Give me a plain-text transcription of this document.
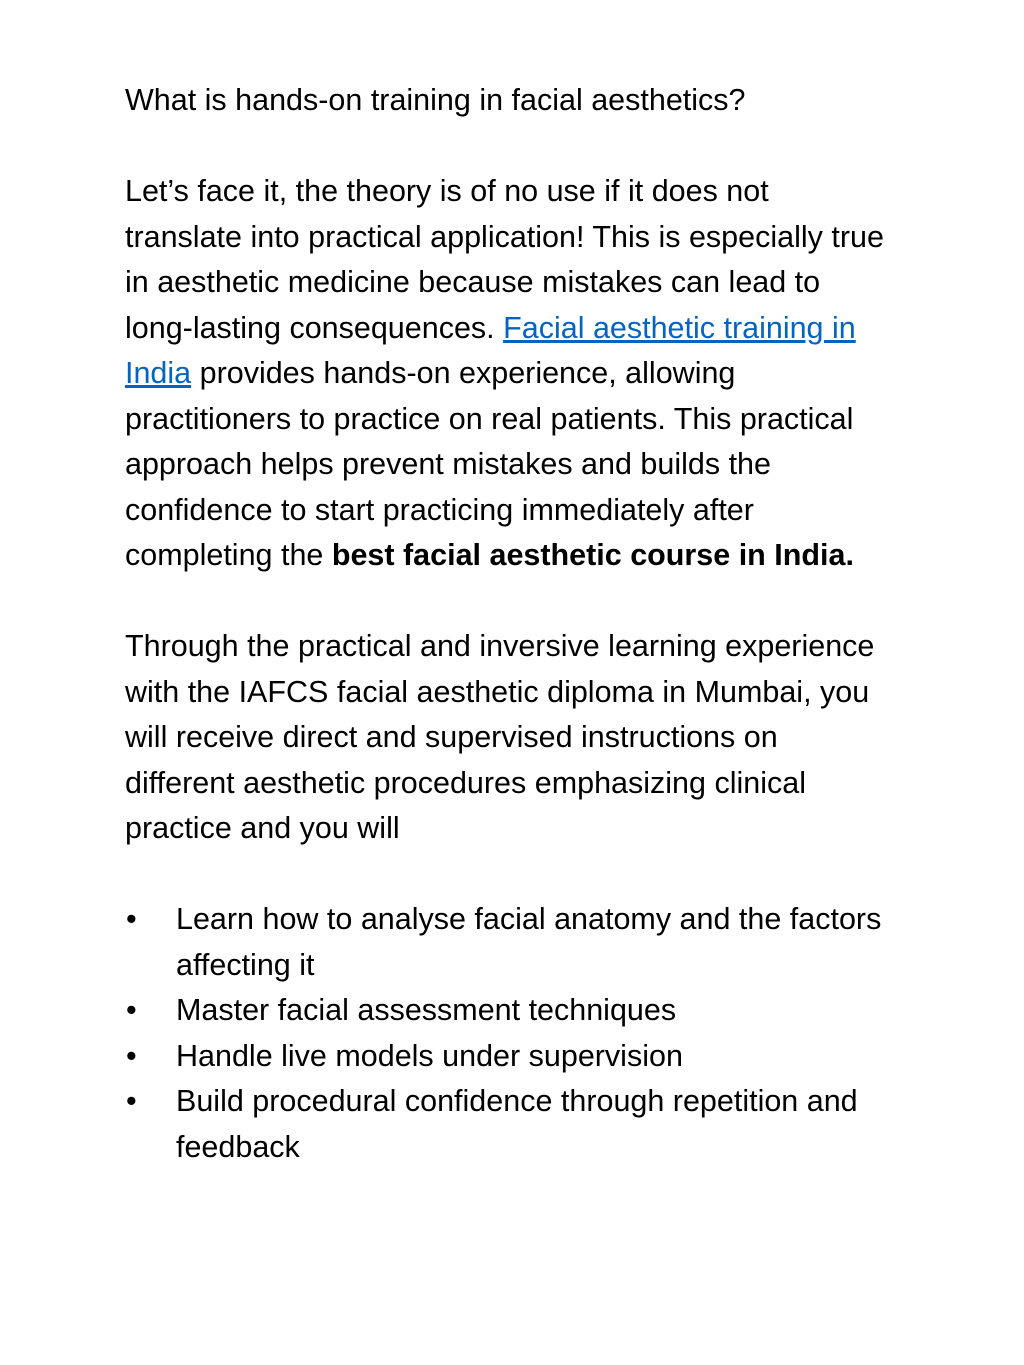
What is hands-on training in facial aesthetics?

Let’s face it, the theory is of no use if it does not translate into practical application! This is especially true in aesthetic medicine because mistakes can lead to long-lasting consequences. Facial aesthetic training in India provides hands-on experience, allowing practitioners to practice on real patients. This practical approach helps prevent mistakes and builds the confidence to start practicing immediately after completing the best facial aesthetic course in India.

Through the practical and inversive learning experience with the IAFCS facial aesthetic diploma in Mumbai, you will receive direct and supervised instructions on different aesthetic procedures emphasizing clinical practice and you will

• Learn how to analyse facial anatomy and the factors affecting it
• Master facial assessment techniques
• Handle live models under supervision
• Build procedural confidence through repetition and feedback
